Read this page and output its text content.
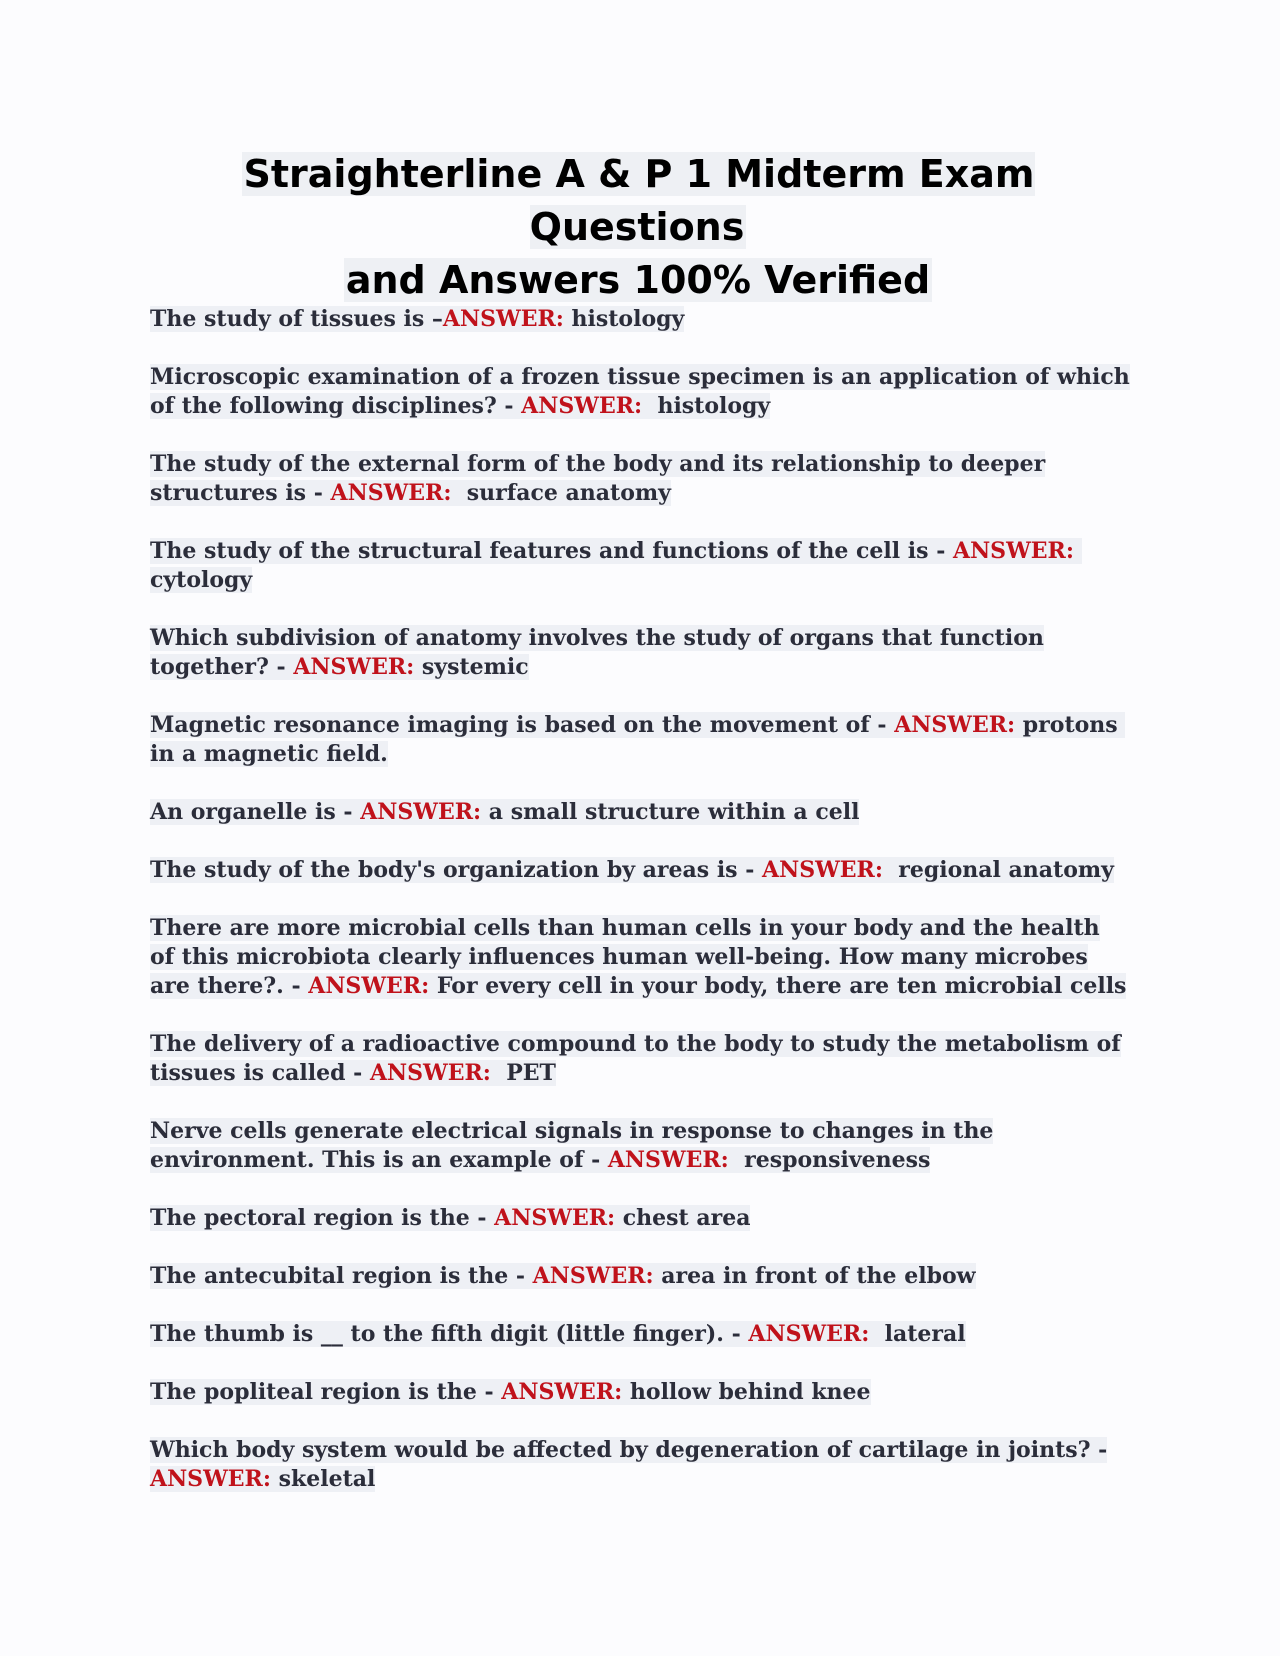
Straighterline A & P 1 Midterm Exam Questions
and Answers 100% Verified

The study of tissues is –ANSWER: histology

Microscopic examination of a frozen tissue specimen is an application of which of the following disciplines? - ANSWER:  histology

The study of the external form of the body and its relationship to deeper structures is - ANSWER:  surface anatomy

The study of the structural features and functions of the cell is - ANSWER: cytology

Which subdivision of anatomy involves the study of organs that function together? - ANSWER: systemic

Magnetic resonance imaging is based on the movement of - ANSWER: protons in a magnetic field.

An organelle is - ANSWER: a small structure within a cell

The study of the body's organization by areas is - ANSWER:  regional anatomy

There are more microbial cells than human cells in your body and the health of this microbiota clearly influences human well-being. How many microbes are there?. - ANSWER: For every cell in your body, there are ten microbial cells

The delivery of a radioactive compound to the body to study the metabolism of tissues is called - ANSWER:  PET

Nerve cells generate electrical signals in response to changes in the environment. This is an example of - ANSWER:  responsiveness

The pectoral region is the - ANSWER: chest area

The antecubital region is the - ANSWER: area in front of the elbow

The thumb is __ to the fifth digit (little finger). - ANSWER:  lateral

The popliteal region is the - ANSWER: hollow behind knee

Which body system would be affected by degeneration of cartilage in joints? - ANSWER: skeletal
